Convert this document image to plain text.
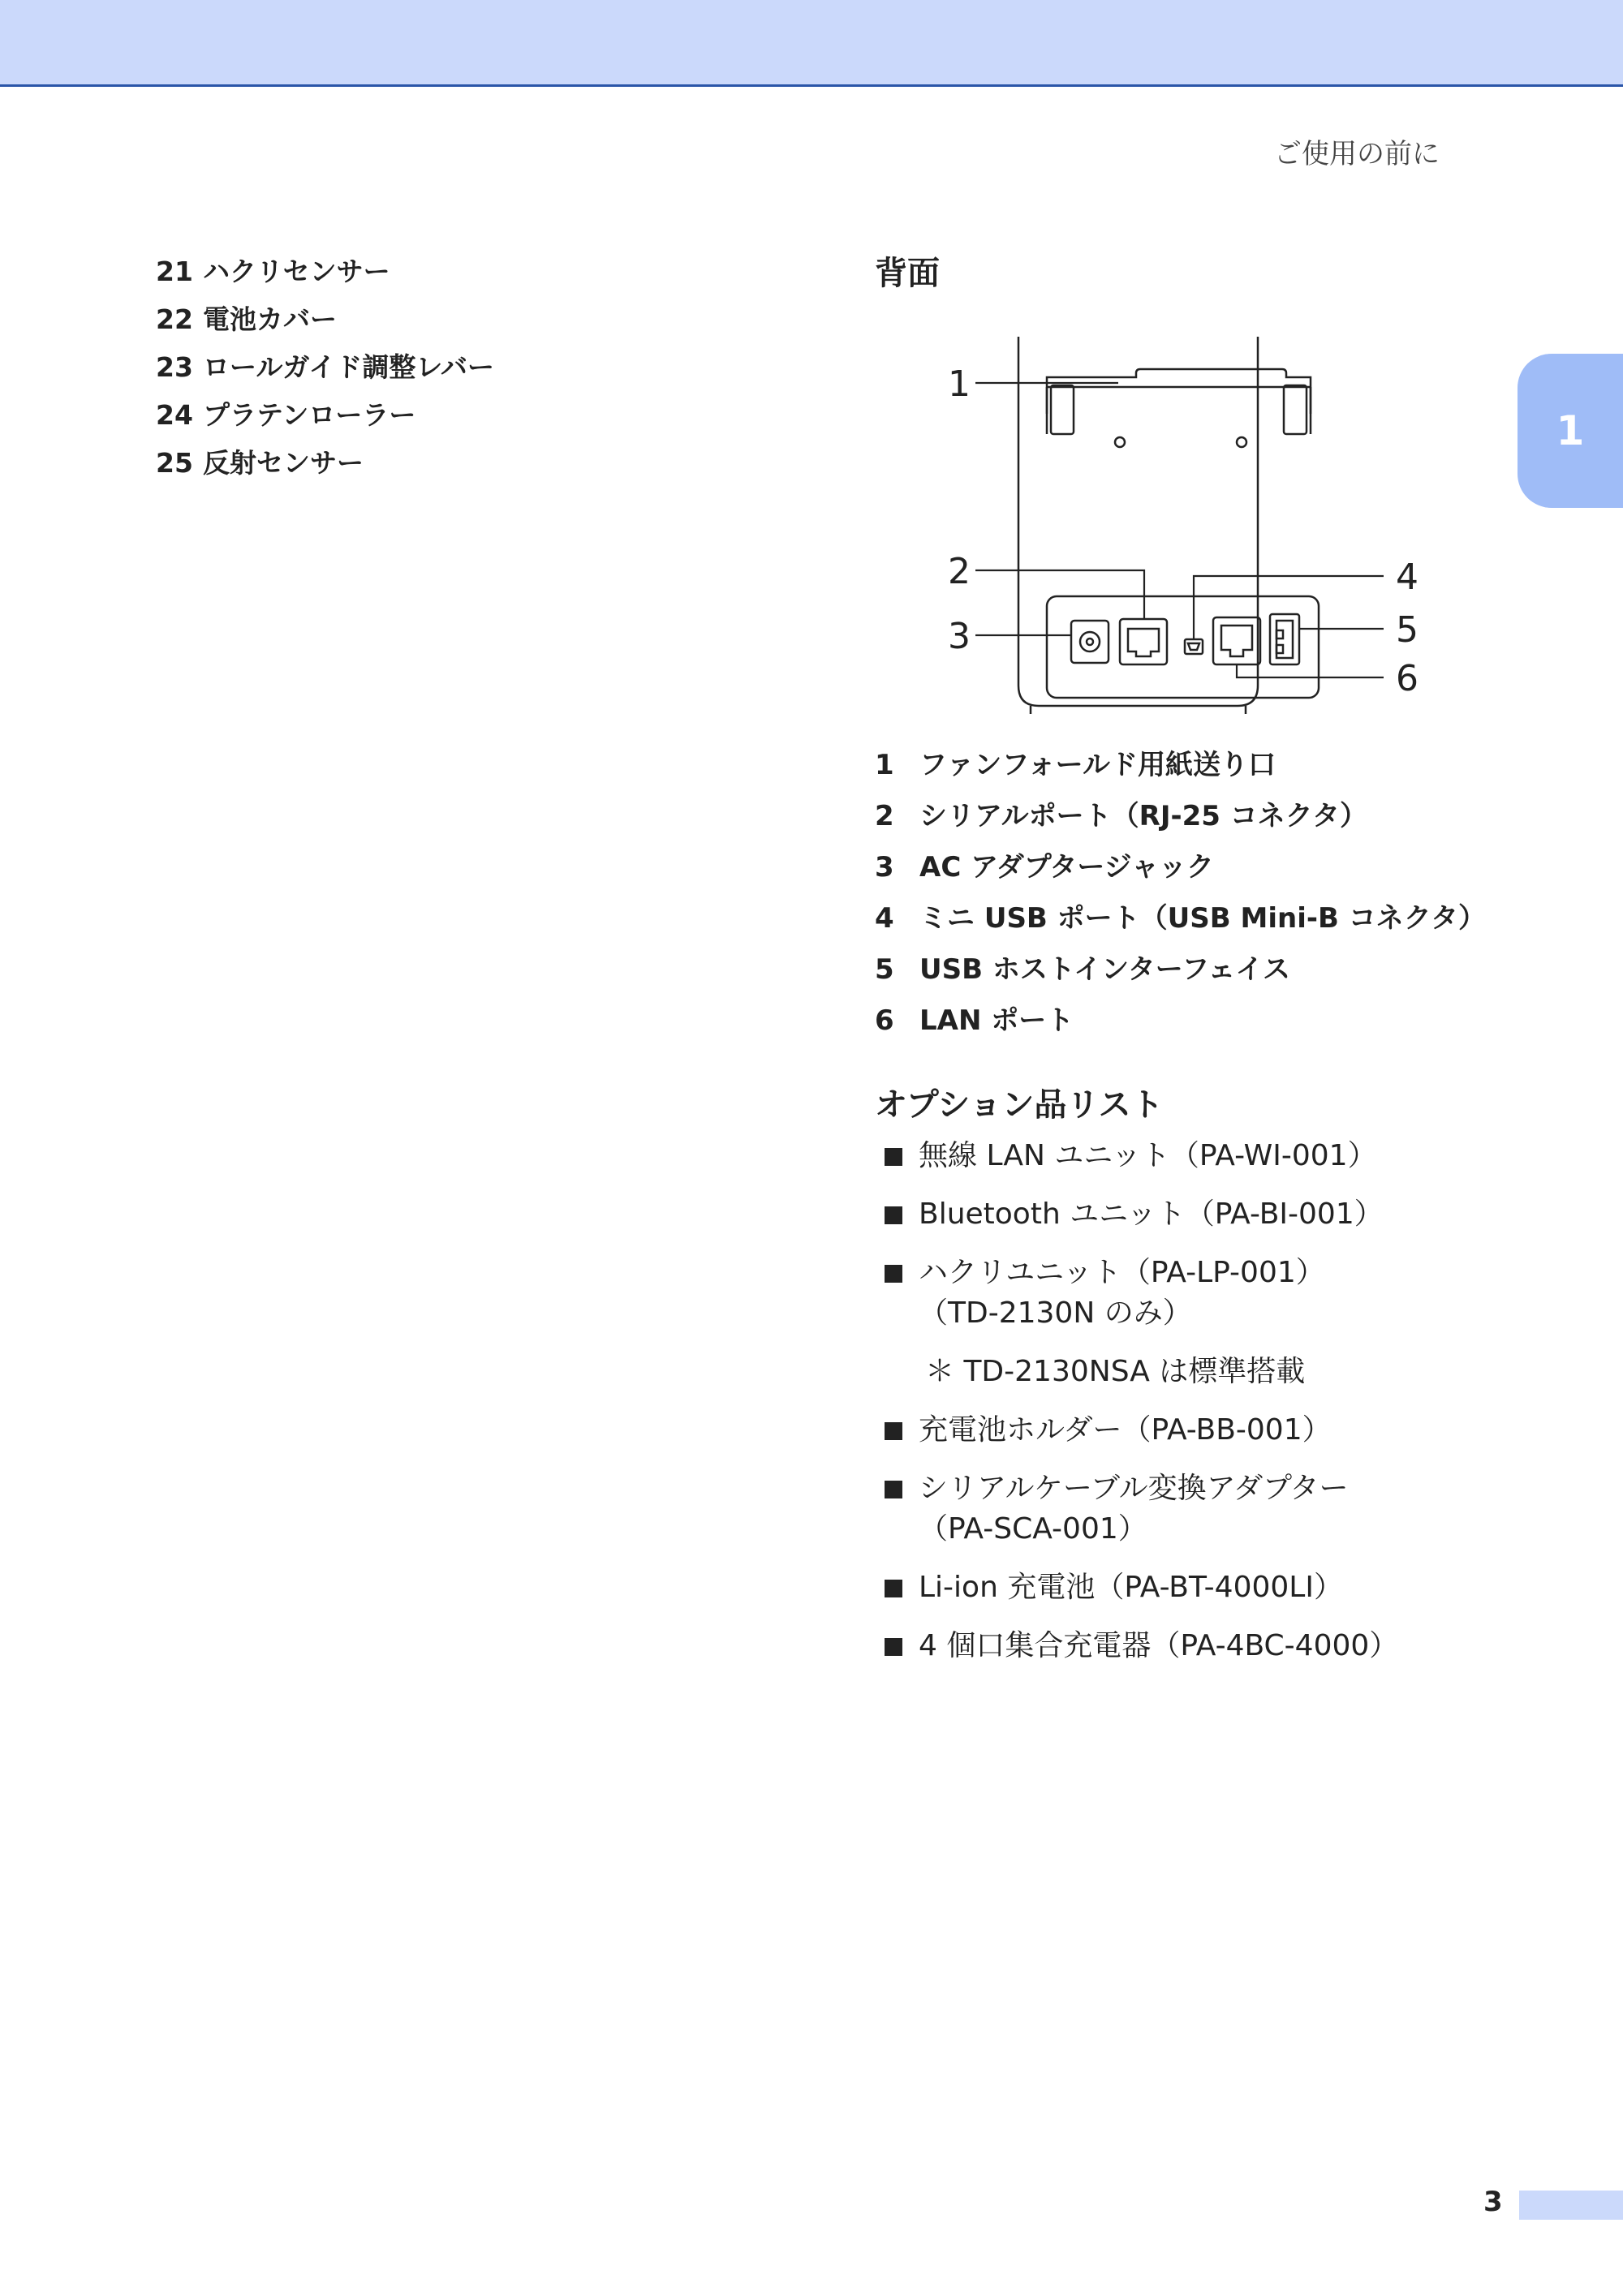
ご使用の前に
21 ハクリセンサー
22 電池カバー
23 ロールガイド調整レバー
24 プラテンローラー
25 反射センサー
1
背面
1
2
3
4
5
6
1 ファンフォールド用紙送り口
2 シリアルポート（RJ-25 コネクタ）
3 AC アダプタージャック
4 ミニ USB ポート（USB Mini-B コネクタ）
5 USB ホストインターフェイス
6 LAN ポート
オプション品リスト
無線 LAN ユニット（PA-WI-001）
Bluetooth ユニット（PA-BI-001）
ハクリユニット（PA-LP-001）
（TD-2130N のみ）
＊ TD-2130NSA は標準搭載
充電池ホルダー（PA-BB-001）
シリアルケーブル変換アダプター
（PA-SCA-001）
Li-ion 充電池（PA-BT-4000LI）
4 個口集合充電器（PA-4BC-4000）
3
